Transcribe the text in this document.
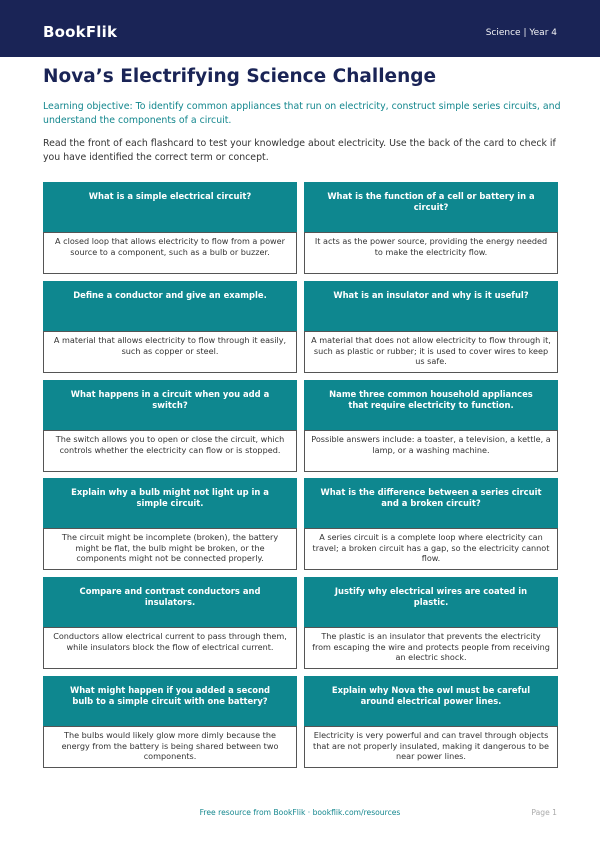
BookFlik	Science | Year 4
Nova’s Electrifying Science Challenge
Learning objective: To identify common appliances that run on electricity, construct simple series circuits, and understand the components of a circuit.
Read the front of each flashcard to test your knowledge about electricity. Use the back of the card to check if you have identified the correct term or concept.
What is a simple electrical circuit?
A closed loop that allows electricity to flow from a power source to a component, such as a bulb or buzzer.
What is the function of a cell or battery in a circuit?
It acts as the power source, providing the energy needed to make the electricity flow.
Define a conductor and give an example.
A material that allows electricity to flow through it easily, such as copper or steel.
What is an insulator and why is it useful?
A material that does not allow electricity to flow through it, such as plastic or rubber; it is used to cover wires to keep us safe.
What happens in a circuit when you add a switch?
The switch allows you to open or close the circuit, which controls whether the electricity can flow or is stopped.
Name three common household appliances that require electricity to function.
Possible answers include: a toaster, a television, a kettle, a lamp, or a washing machine.
Explain why a bulb might not light up in a simple circuit.
The circuit might be incomplete (broken), the battery might be flat, the bulb might be broken, or the components might not be connected properly.
What is the difference between a series circuit and a broken circuit?
A series circuit is a complete loop where electricity can travel; a broken circuit has a gap, so the electricity cannot flow.
Compare and contrast conductors and insulators.
Conductors allow electrical current to pass through them, while insulators block the flow of electrical current.
Justify why electrical wires are coated in plastic.
The plastic is an insulator that prevents the electricity from escaping the wire and protects people from receiving an electric shock.
What might happen if you added a second bulb to a simple circuit with one battery?
The bulbs would likely glow more dimly because the energy from the battery is being shared between two components.
Explain why Nova the owl must be careful around electrical power lines.
Electricity is very powerful and can travel through objects that are not properly insulated, making it dangerous to be near power lines.
Free resource from BookFlik · bookflik.com/resources	Page 1
